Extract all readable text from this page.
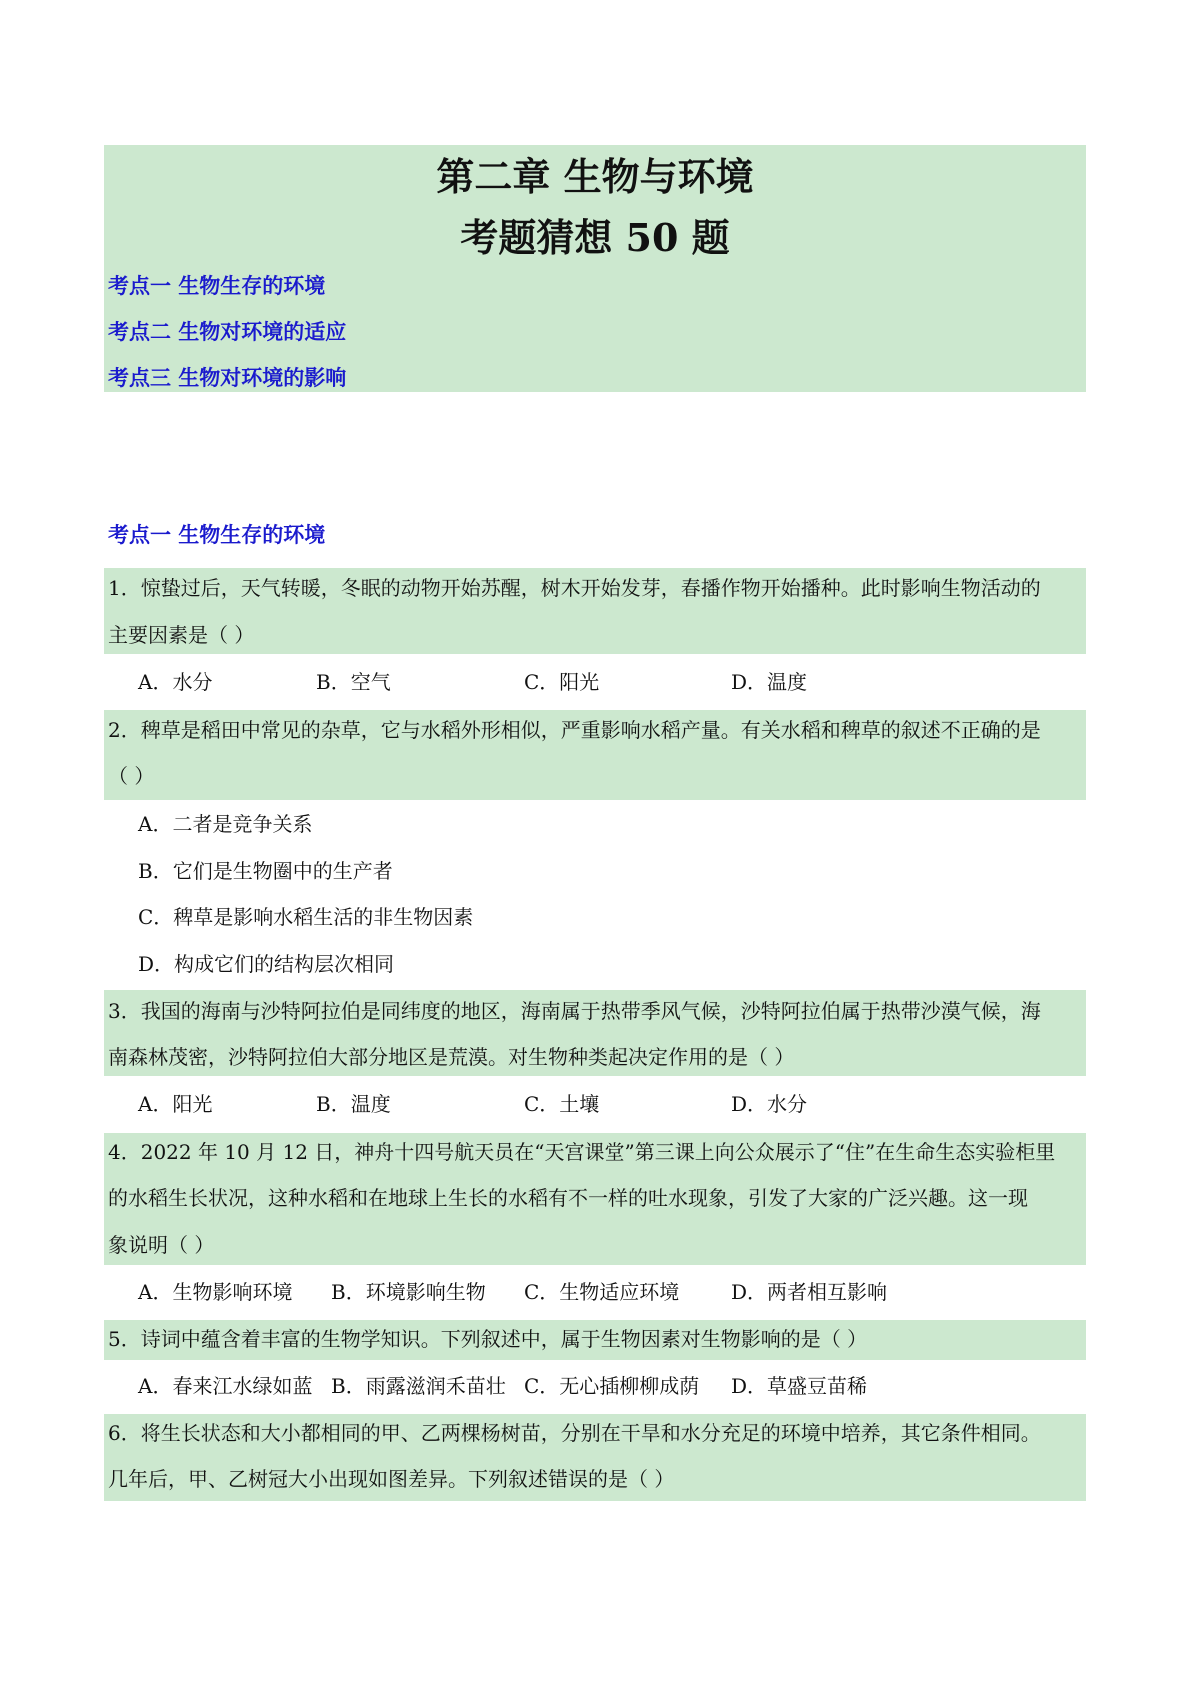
第二章 生物与环境
考题猜想 50 题
考点一 生物生存的环境
考点二 生物对环境的适应
考点三 生物对环境的影响
考点一 生物生存的环境
1．惊蛰过后，天气转暖，冬眠的动物开始苏醒，树木开始发芽，春播作物开始播种。此时影响生物活动的
主要因素是（ ）
A．水分	B．空气	C．阳光	D．温度
2．稗草是稻田中常见的杂草，它与水稻外形相似，严重影响水稻产量。有关水稻和稗草的叙述不正确的是
（ ）
A．二者是竞争关系
B．它们是生物圈中的生产者
C．稗草是影响水稻生活的非生物因素
D．构成它们的结构层次相同
3．我国的海南与沙特阿拉伯是同纬度的地区，海南属于热带季风气候，沙特阿拉伯属于热带沙漠气候，海
南森林茂密，沙特阿拉伯大部分地区是荒漠。对生物种类起决定作用的是（ ）
A．阳光	B．温度	C．土壤	D．水分
4．2022 年 10 月 12 日，神舟十四号航天员在“天宫课堂”第三课上向公众展示了“住”在生命生态实验柜里
的水稻生长状况，这种水稻和在地球上生长的水稻有不一样的吐水现象，引发了大家的广泛兴趣。这一现
象说明（ ）
A．生物影响环境 B．环境影响生物 C．生物适应环境	D．两者相互影响
5．诗词中蕴含着丰富的生物学知识。下列叙述中，属于生物因素对生物影响的是（ ）
A．春来江水绿如蓝 B．雨露滋润禾苗壮 C．无心插柳柳成荫 D．草盛豆苗稀
6．将生长状态和大小都相同的甲、乙两棵杨树苗，分别在干旱和水分充足的环境中培养，其它条件相同。
几年后，甲、乙树冠大小出现如图差异。下列叙述错误的是（ ）
